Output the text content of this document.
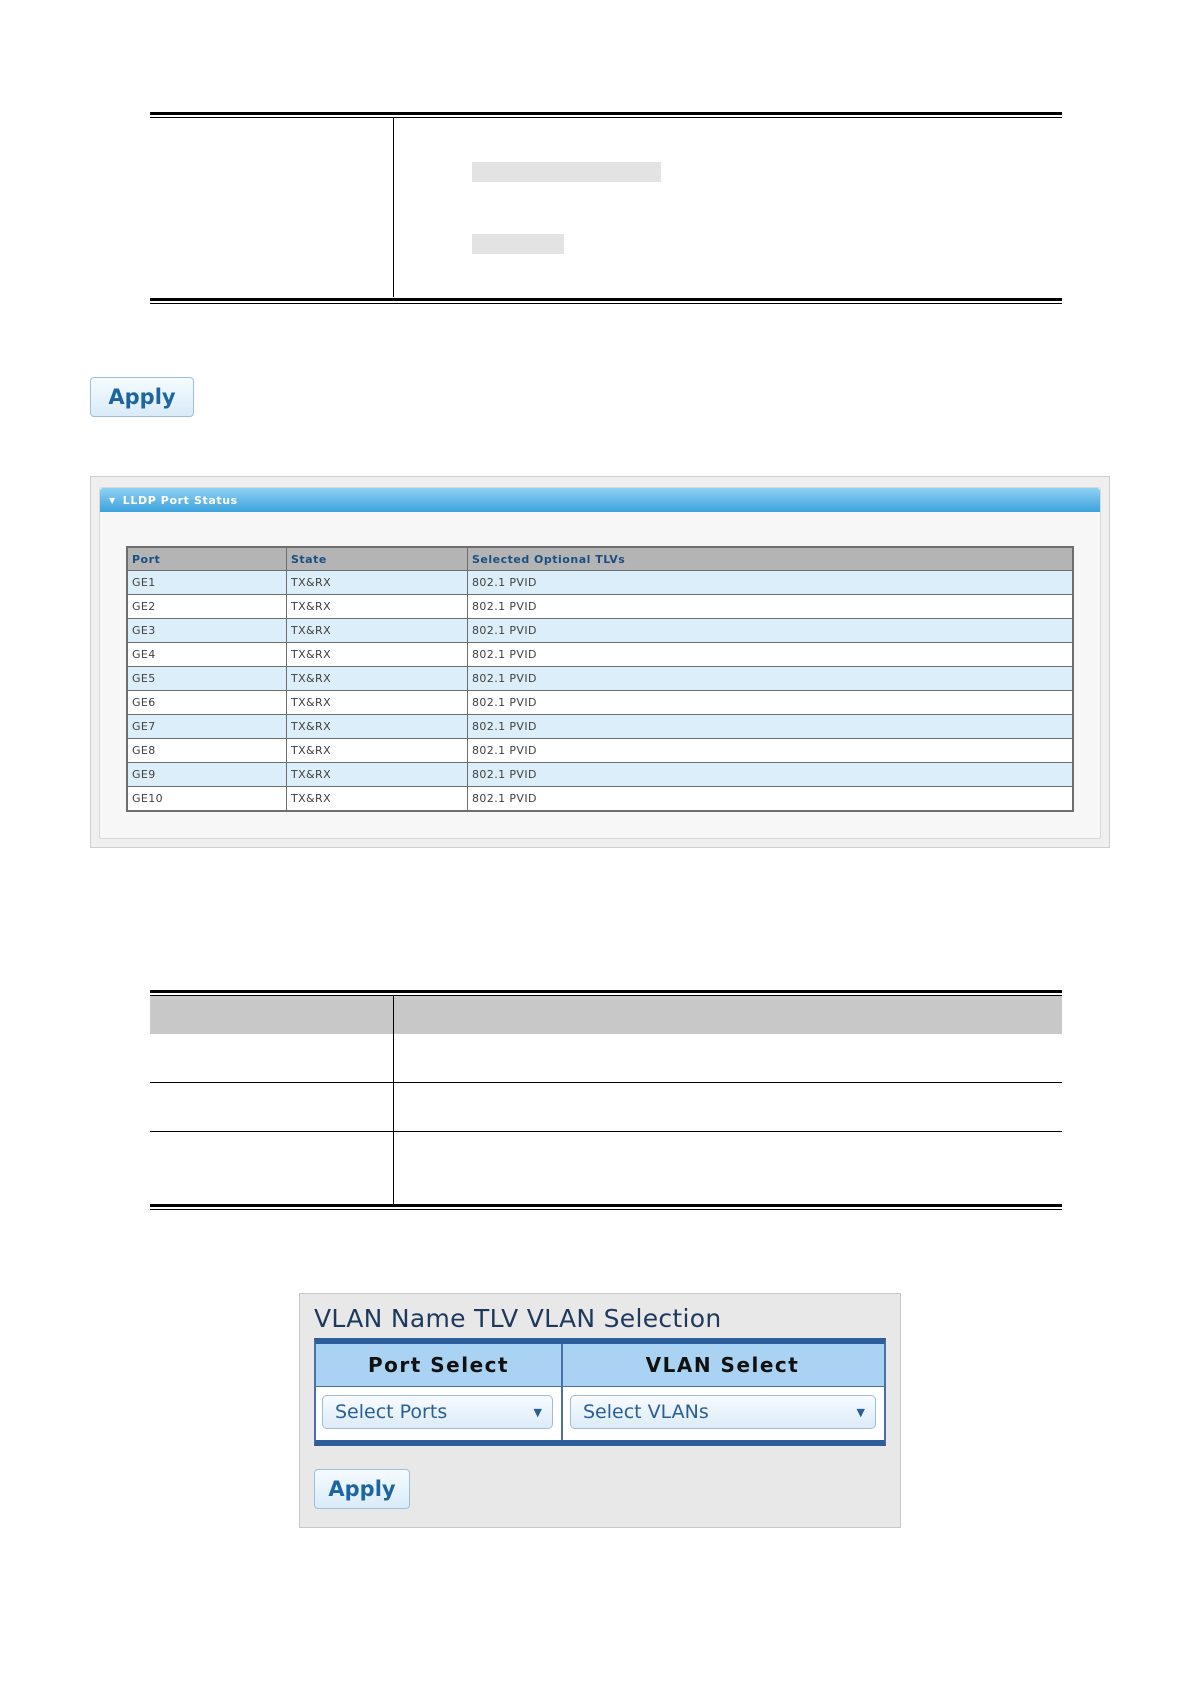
Apply
▼ LLDP Port Status
Port	State	Selected Optional TLVs
GE1	TX&RX	802.1 PVID
GE2	TX&RX	802.1 PVID
GE3	TX&RX	802.1 PVID
GE4	TX&RX	802.1 PVID
GE5	TX&RX	802.1 PVID
GE6	TX&RX	802.1 PVID
GE7	TX&RX	802.1 PVID
GE8	TX&RX	802.1 PVID
GE9	TX&RX	802.1 PVID
GE10	TX&RX	802.1 PVID
VLAN Name TLV VLAN Selection
Port Select	VLAN Select
Select Ports	▼ Select VLANs	▼
Apply
